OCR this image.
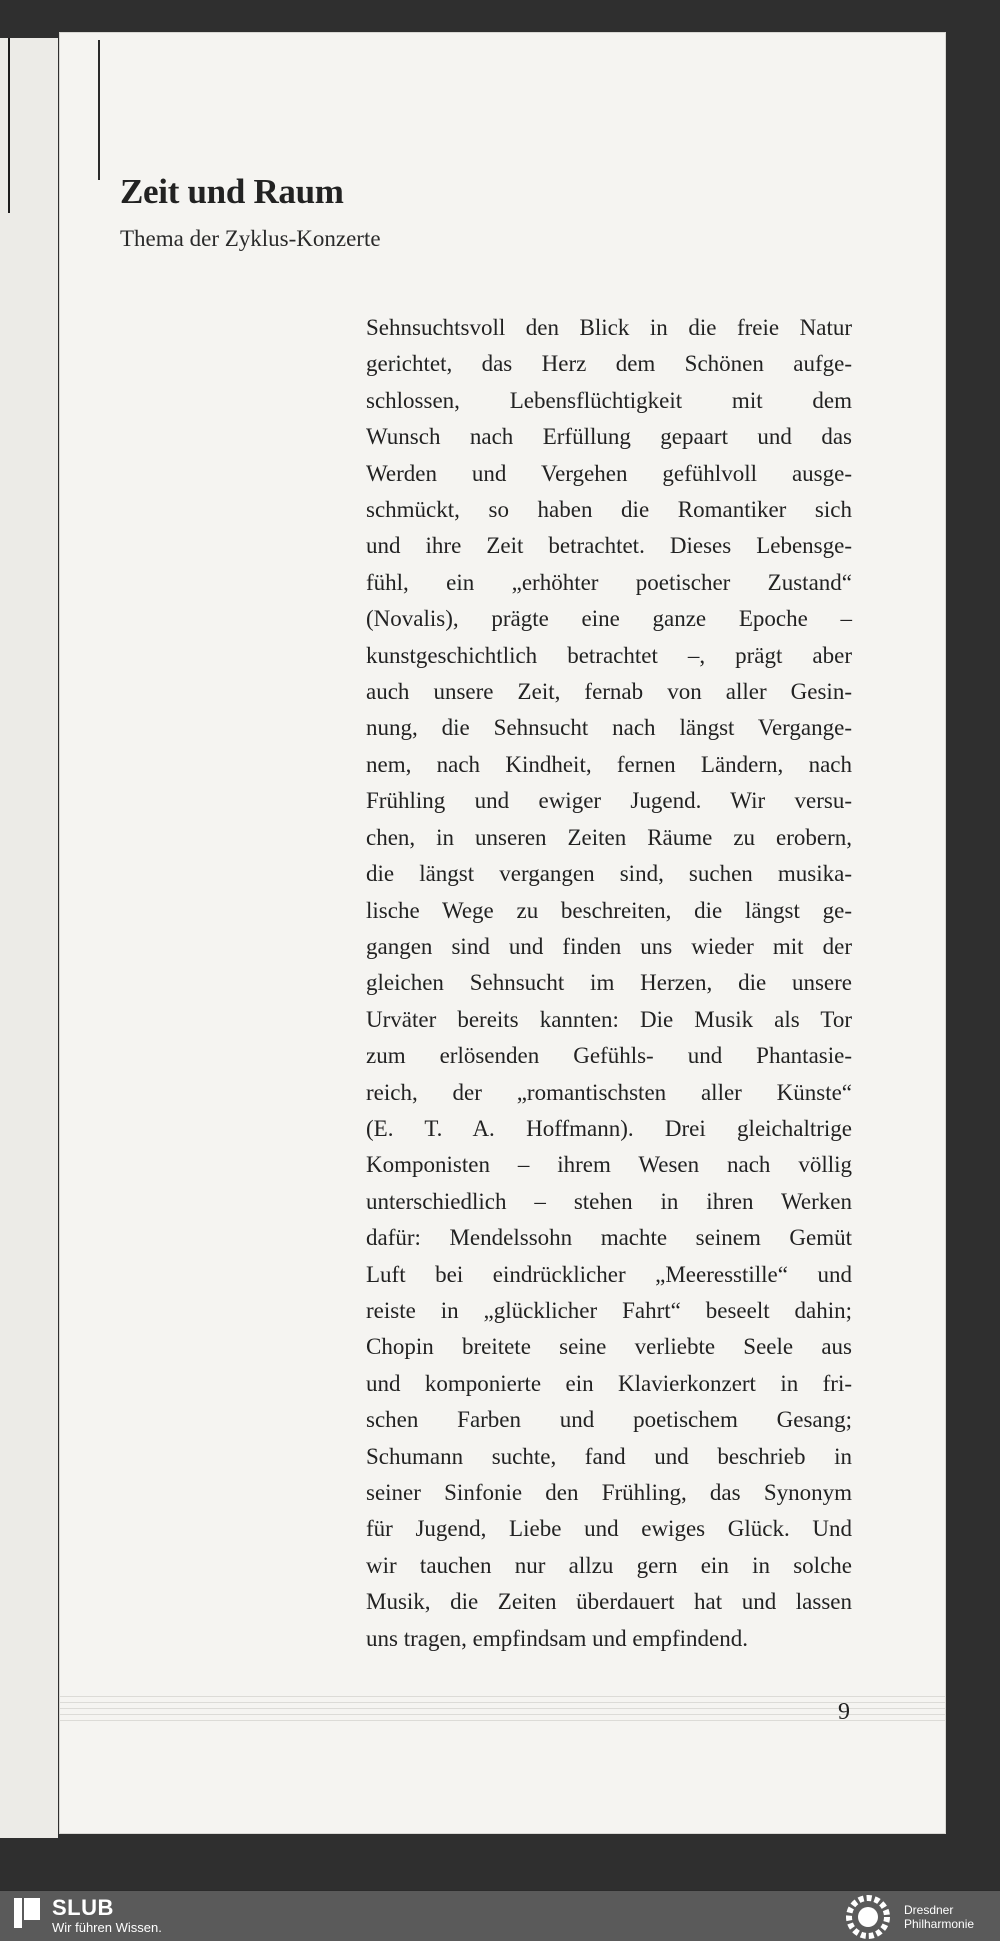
Zeit und Raum
Thema der Zyklus-Konzerte
Sehnsuchtsvoll den Blick in die freie Natur
gerichtet, das Herz dem Schönen aufge-
schlossen, Lebensflüchtigkeit mit dem
Wunsch nach Erfüllung gepaart und das
Werden und Vergehen gefühlvoll ausge-
schmückt, so haben die Romantiker sich
und ihre Zeit betrachtet. Dieses Lebensge-
fühl, ein „erhöhter poetischer Zustand“
(Novalis), prägte eine ganze Epoche –
kunstgeschichtlich betrachtet –, prägt aber
auch unsere Zeit, fernab von aller Gesin-
nung, die Sehnsucht nach längst Vergange-
nem, nach Kindheit, fernen Ländern, nach
Frühling und ewiger Jugend. Wir versu-
chen, in unseren Zeiten Räume zu erobern,
die längst vergangen sind, suchen musika-
lische Wege zu beschreiten, die längst ge-
gangen sind und finden uns wieder mit der
gleichen Sehnsucht im Herzen, die unsere
Urväter bereits kannten: Die Musik als Tor
zum erlösenden Gefühls- und Phantasie-
reich, der „romantischsten aller Künste“
(E. T. A. Hoffmann). Drei gleichaltrige
Komponisten – ihrem Wesen nach völlig
unterschiedlich – stehen in ihren Werken
dafür: Mendelssohn machte seinem Gemüt
Luft bei eindrücklicher „Meeresstille“ und
reiste in „glücklicher Fahrt“ beseelt dahin;
Chopin breitete seine verliebte Seele aus
und komponierte ein Klavierkonzert in fri-
schen Farben und poetischem Gesang;
Schumann suchte, fand und beschrieb in
seiner Sinfonie den Frühling, das Synonym
für Jugend, Liebe und ewiges Glück. Und
wir tauchen nur allzu gern ein in solche
Musik, die Zeiten überdauert hat und lassen
uns tragen, empfindsam und empfindend.
9
SLUB
Wir führen Wissen.
Dresdner
Philharmonie
